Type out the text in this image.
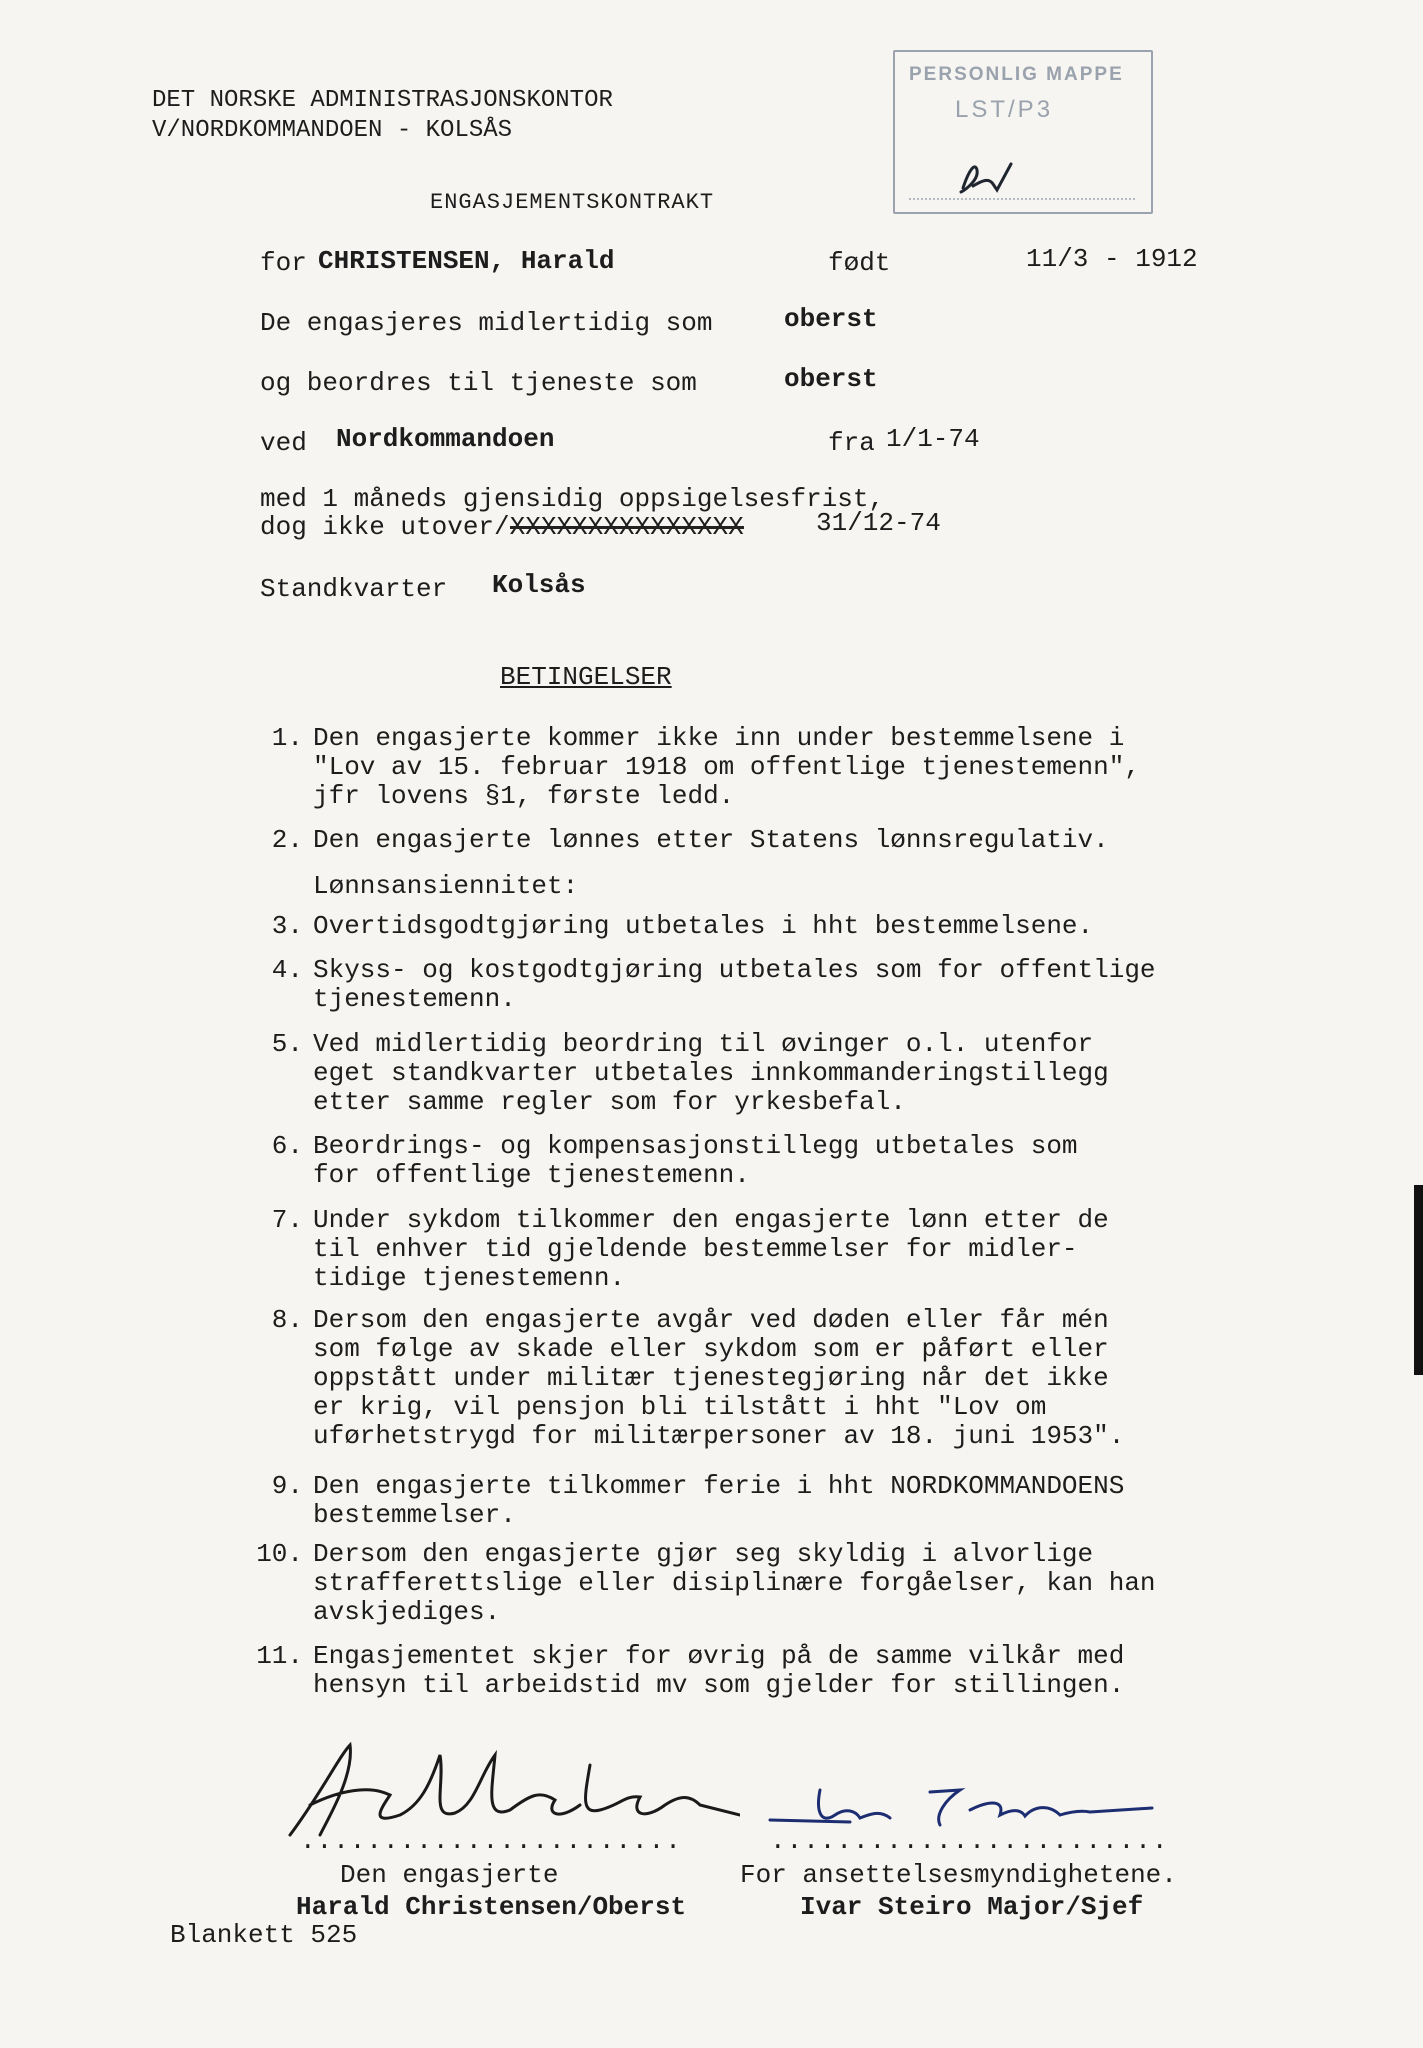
DET NORSKE ADMINISTRASJONSKONTOR
V/NORDKOMMANDOEN - KOLSÅS
PERSONLIG MAPPE
LST/P3
ENGASJEMENTSKONTRAKT
for CHRISTENSEN, Harald	født	11/3 - 1912
De engasjeres midlertidig som	oberst
og beordres til tjeneste som	oberst
ved Nordkommandoen	fra 1/1-74
med 1 måneds gjensidig oppsigelsesfrist,
dog ikke utover/XXXXXXXXXXXXXXX	31/12-74
Standkvarter Kolsås
BETINGELSER
1. Den engasjerte kommer ikke inn under bestemmelsene i
"Lov av 15. februar 1918 om offentlige tjenestemenn",
jfr lovens §1, første ledd.
2. Den engasjerte lønnes etter Statens lønnsregulativ.
Lønnsansiennitet:
3. Overtidsgodtgjøring utbetales i hht bestemmelsene.
4. Skyss- og kostgodtgjøring utbetales som for offentlige
tjenestemenn.
5. Ved midlertidig beordring til øvinger o.l. utenfor
eget standkvarter utbetales innkommanderingstillegg
etter samme regler som for yrkesbefal.
6. Beordrings- og kompensasjonstillegg utbetales som
for offentlige tjenestemenn.
7. Under sykdom tilkommer den engasjerte lønn etter de
til enhver tid gjeldende bestemmelser for midler-
tidige tjenestemenn.
8. Dersom den engasjerte avgår ved døden eller får mén
som følge av skade eller sykdom som er påført eller
oppstått under militær tjenestegjøring når det ikke
er krig, vil pensjon bli tilstått i hht "Lov om
uførhetstrygd for militærpersoner av 18. juni 1953".
9. Den engasjerte tilkommer ferie i hht NORDKOMMANDOENS
bestemmelser.
10. Dersom den engasjerte gjør seg skyldig i alvorlige
strafferettslige eller disiplinære forgåelser, kan han
avskjediges.
11. Engasjementet skjer for øvrig på de samme vilkår med
hensyn til arbeidstid mv som gjelder for stillingen.
.......................	........................
Den engasjerte	For ansettelsesmyndighetene.
Harald Christensen/Oberst	Ivar Steiro Major/Sjef
Blankett 525
